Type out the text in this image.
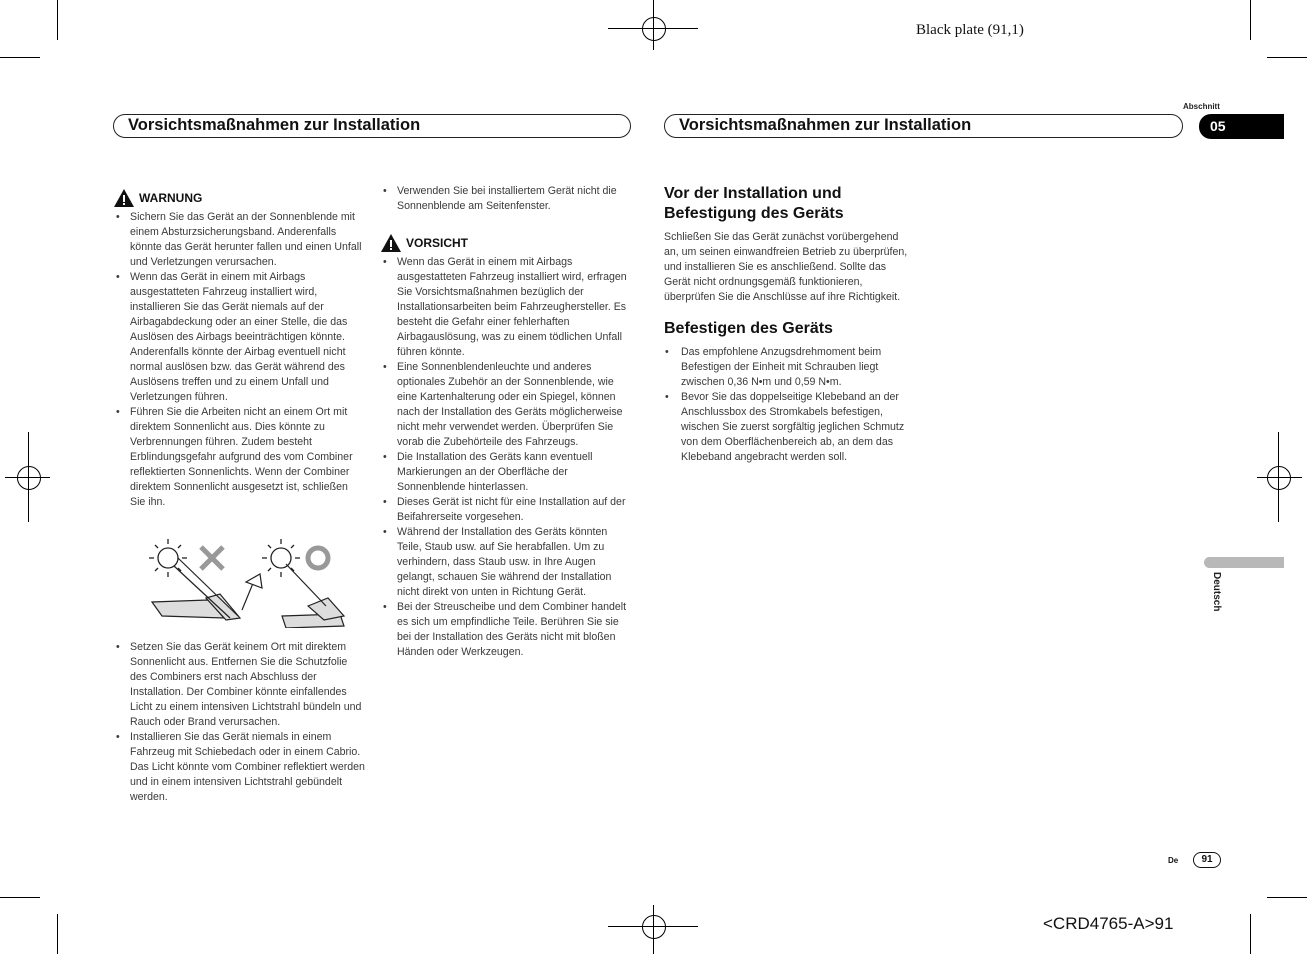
Black plate (91,1)
<CRD4765-A>91
Vorsichtsmaßnahmen zur Installation	Vorsichtsmaßnahmen zur Installation
Abschnitt
05
Deutsch
WARNUNG
• Sichern Sie das Gerät an der Sonnenblende mit einem Absturzsicherungsband. Anderenfalls könnte das Gerät herunter fallen und einen Unfall und Verletzungen verursachen.
• Wenn das Gerät in einem mit Airbags ausgestatteten Fahrzeug installiert wird, installieren Sie das Gerät niemals auf der Airbagabdeckung oder an einer Stelle, die das Auslösen des Airbags beeinträchtigen könnte. Anderenfalls könnte der Airbag eventuell nicht normal auslösen bzw. das Gerät während des Auslösens treffen und zu einem Unfall und Verletzungen führen.
• Führen Sie die Arbeiten nicht an einem Ort mit direktem Sonnenlicht aus. Dies könnte zu Verbrennungen führen. Zudem besteht Erblindungsgefahr aufgrund des vom Combiner reflektierten Sonnenlichts. Wenn der Combiner direktem Sonnenlicht ausgesetzt ist, schließen Sie ihn.
• Setzen Sie das Gerät keinem Ort mit direktem Sonnenlicht aus. Entfernen Sie die Schutzfolie des Combiners erst nach Abschluss der Installation. Der Combiner könnte einfallendes Licht zu einem intensiven Lichtstrahl bündeln und Rauch oder Brand verursachen.
• Installieren Sie das Gerät niemals in einem Fahrzeug mit Schiebedach oder in einem Cabrio. Das Licht könnte vom Combiner reflektiert werden und in einem intensiven Lichtstrahl gebündelt werden.
• Verwenden Sie bei installiertem Gerät nicht die Sonnenblende am Seitenfenster.
VORSICHT
• Wenn das Gerät in einem mit Airbags ausgestatteten Fahrzeug installiert wird, erfragen Sie Vorsichtsmaßnahmen bezüglich der Installationsarbeiten beim Fahrzeughersteller. Es besteht die Gefahr einer fehlerhaften Airbagauslösung, was zu einem tödlichen Unfall führen könnte.
• Eine Sonnenblendenleuchte und anderes optionales Zubehör an der Sonnenblende, wie eine Kartenhalterung oder ein Spiegel, können nach der Installation des Geräts möglicherweise nicht mehr verwendet werden. Überprüfen Sie vorab die Zubehörteile des Fahrzeugs.
• Die Installation des Geräts kann eventuell Markierungen an der Oberfläche der Sonnenblende hinterlassen.
• Dieses Gerät ist nicht für eine Installation auf der Beifahrerseite vorgesehen.
• Während der Installation des Geräts könnten Teile, Staub usw. auf Sie herabfallen. Um zu verhindern, dass Staub usw. in Ihre Augen gelangt, schauen Sie während der Installation nicht direkt von unten in Richtung Gerät.
• Bei der Streuscheibe und dem Combiner handelt es sich um empfindliche Teile. Berühren Sie sie bei der Installation des Geräts nicht mit bloßen Händen oder Werkzeugen.

Vor der Installation und Befestigung des Geräts

Schließen Sie das Gerät zunächst vorübergehend an, um seinen einwandfreien Betrieb zu überprüfen, und installieren Sie es anschließend. Sollte das Gerät nicht ordnungsgemäß funktionieren, überprüfen Sie die Anschlüsse auf ihre Richtigkeit.

Befestigen des Geräts

• Das empfohlene Anzugsdrehmoment beim Befestigen der Einheit mit Schrauben liegt zwischen 0,36 N•m und 0,59 N•m.
• Bevor Sie das doppelseitige Klebeband an der Anschlussbox des Stromkabels befestigen, wischen Sie zuerst sorgfältig jeglichen Schmutz von dem Oberflächenbereich ab, an dem das Klebeband angebracht werden soll.
De	91
